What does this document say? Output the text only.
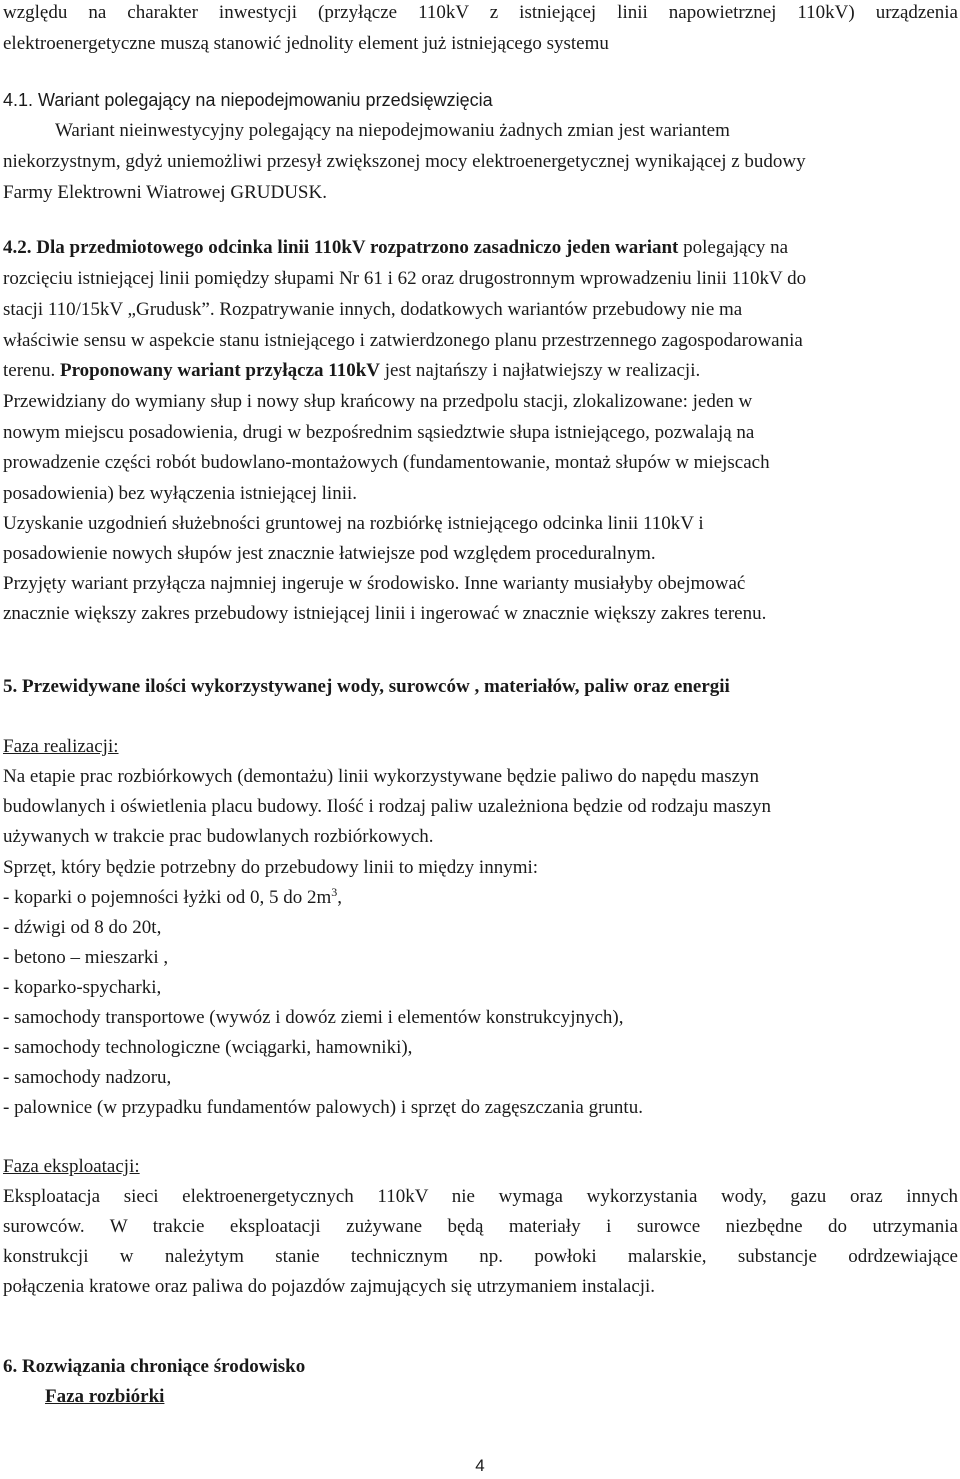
względu na charakter inwestycji (przyłącze 110kV z istniejącej linii napowietrznej 110kV) urządzenia
elektroenergetyczne muszą stanowić jednolity element już istniejącego systemu
4.1. Wariant polegający na niepodejmowaniu przedsięwzięcia
Wariant nieinwestycyjny polegający na niepodejmowaniu żadnych zmian jest wariantem
niekorzystnym, gdyż uniemożliwi przesył zwiększonej mocy elektroenergetycznej wynikającej z budowy
Farmy Elektrowni Wiatrowej GRUDUSK.
4.2. Dla przedmiotowego odcinka linii 110kV rozpatrzono zasadniczo jeden wariant polegający na
rozcięciu istniejącej linii pomiędzy słupami Nr 61 i 62 oraz drugostronnym wprowadzeniu linii 110kV do
stacji 110/15kV „Grudusk”. Rozpatrywanie innych, dodatkowych wariantów przebudowy nie ma
właściwie sensu w aspekcie stanu istniejącego i zatwierdzonego planu przestrzennego zagospodarowania
terenu. Proponowany wariant przyłącza 110kV jest najtańszy i najłatwiejszy w realizacji.
Przewidziany do wymiany słup i nowy słup krańcowy na przedpolu stacji, zlokalizowane: jeden w
nowym miejscu posadowienia, drugi w bezpośrednim sąsiedztwie słupa istniejącego, pozwalają na
prowadzenie części robót budowlano-montażowych (fundamentowanie, montaż słupów w miejscach
posadowienia) bez wyłączenia istniejącej linii.
Uzyskanie uzgodnień służebności gruntowej na rozbiórkę istniejącego odcinka linii 110kV i
posadowienie nowych słupów jest znacznie łatwiejsze pod względem proceduralnym.
Przyjęty wariant przyłącza najmniej ingeruje w środowisko. Inne warianty musiałyby obejmować
znacznie większy zakres przebudowy istniejącej linii i ingerować w znacznie większy zakres terenu.
5. Przewidywane ilości wykorzystywanej wody, surowców , materiałów, paliw oraz energii
Faza realizacji:
Na etapie prac rozbiórkowych (demontażu) linii wykorzystywane będzie paliwo do napędu maszyn
budowlanych i oświetlenia placu budowy. Ilość i rodzaj paliw uzależniona będzie od rodzaju maszyn
używanych w trakcie prac budowlanych rozbiórkowych.
Sprzęt, który będzie potrzebny do przebudowy linii to między innymi:
- koparki o pojemności łyżki od 0, 5 do $2m^3$,
- dźwigi od 8 do 20t,
- betono – mieszarki ,
- koparko-spycharki,
- samochody transportowe (wywóz i dowóz ziemi i elementów konstrukcyjnych),
- samochody technologiczne (wciągarki, hamowniki),
- samochody nadzoru,
- palownice (w przypadku fundamentów palowych) i sprzęt do zagęszczania gruntu.
Faza eksploatacji:
Eksploatacja sieci elektroenergetycznych 110kV nie wymaga wykorzystania wody, gazu oraz innych
surowców. W trakcie eksploatacji zużywane będą materiały i surowce niezbędne do utrzymania
konstrukcji w należytym stanie technicznym np. powłoki malarskie, substancje odrdzewiające
połączenia kratowe oraz paliwa do pojazdów zajmujących się utrzymaniem instalacji.
6. Rozwiązania chroniące środowisko
Faza rozbiórki
4
